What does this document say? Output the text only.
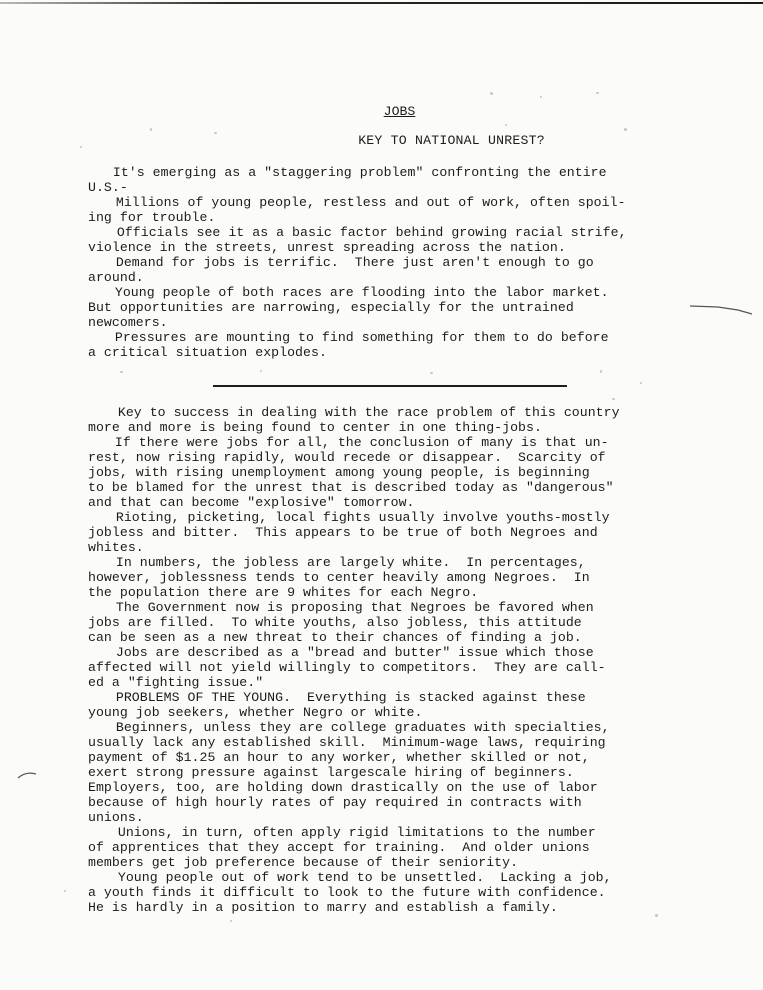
JOBS
KEY TO NATIONAL UNREST?
It's emerging as a "staggering problem" confronting the entire
U.S.-
Millions of young people, restless and out of work, often spoil-
ing for trouble.
Officials see it as a basic factor behind growing racial strife,
violence in the streets, unrest spreading across the nation.
Demand for jobs is terrific.  There just aren't enough to go
around.
Young people of both races are flooding into the labor market.
But opportunities are narrowing, especially for the untrained
newcomers.
Pressures are mounting to find something for them to do before
a critical situation explodes.
Key to success in dealing with the race problem of this country
more and more is being found to center in one thing-jobs.
If there were jobs for all, the conclusion of many is that un-
rest, now rising rapidly, would recede or disappear.  Scarcity of
jobs, with rising unemployment among young people, is beginning
to be blamed for the unrest that is described today as "dangerous"
and that can become "explosive" tomorrow.
Rioting, picketing, local fights usually involve youths-mostly
jobless and bitter.  This appears to be true of both Negroes and
whites.
In numbers, the jobless are largely white.  In percentages,
however, joblessness tends to center heavily among Negroes.  In
the population there are 9 whites for each Negro.
The Government now is proposing that Negroes be favored when
jobs are filled.  To white youths, also jobless, this attitude
can be seen as a new threat to their chances of finding a job.
Jobs are described as a "bread and butter" issue which those
affected will not yield willingly to competitors.  They are call-
ed a "fighting issue."
PROBLEMS OF THE YOUNG.  Everything is stacked against these
young job seekers, whether Negro or white.
Beginners, unless they are college graduates with specialties,
usually lack any established skill.  Minimum-wage laws, requiring
payment of $1.25 an hour to any worker, whether skilled or not,
exert strong pressure against largescale hiring of beginners.
Employers, too, are holding down drastically on the use of labor
because of high hourly rates of pay required in contracts with
unions.
Unions, in turn, often apply rigid limitations to the number
of apprentices that they accept for training.  And older unions
members get job preference because of their seniority.
Young people out of work tend to be unsettled.  Lacking a job,
a youth finds it difficult to look to the future with confidence.
He is hardly in a position to marry and establish a family.
